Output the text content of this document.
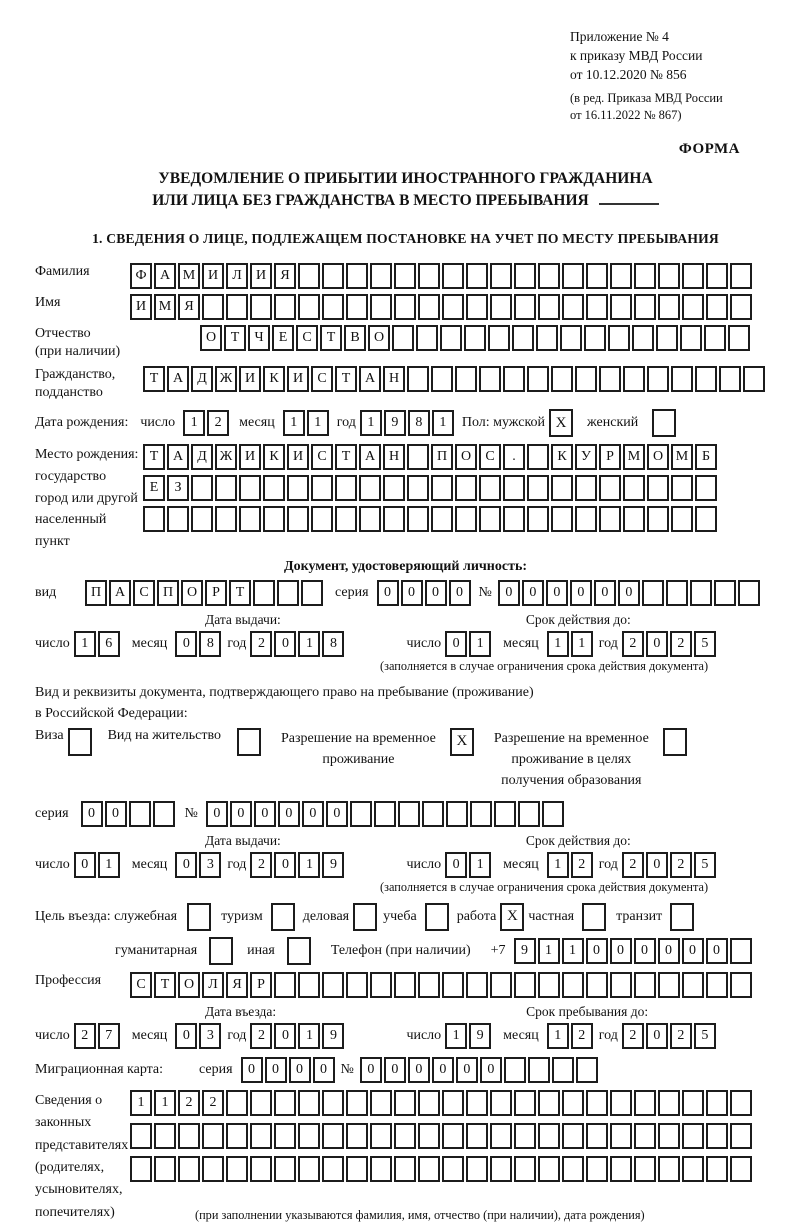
Приложение № 4
к приказу МВД России
от 10.12.2020 № 856
(в ред. Приказа МВД России
от 16.11.2022 № 867)
ФОРМА
УВЕДОМЛЕНИЕ О ПРИБЫТИИ ИНОСТРАННОГО ГРАЖДАНИНА
ИЛИ ЛИЦА БЕЗ ГРАЖДАНСТВА В МЕСТО ПРЕБЫВАНИЯ
1. СВЕДЕНИЯ О ЛИЦЕ, ПОДЛЕЖАЩЕМ ПОСТАНОВКЕ НА УЧЕТ ПО МЕСТУ ПРЕБЫВАНИЯ
Фамилия	Ф А М И	Л	И	Я
Имя	И М Я
Отчество
(при наличии)
О	Т	Ч	Е	С	Т	В	О
Гражданство,
подданство
Т	А	Д Ж И	К	И	С	Т	А Н
Дата рождения: число	1	2	месяц	1	1	год 1	9	8	1	Пол: мужской X	женский
Место рождения:
государство
город или другой
населенный пункт
Т	А	Д Ж И	К	И	С	Т	А Н	П О	С	.	К	У	Р М О М Б
Е	З
Документ, удостоверяющий личность:
вид	П А	С	П О	Р	Т	серия	0	0	0	0	№ 0	0	0	0	0	0
Дата выдачи:	Срок действия до:
число 1	6	месяц	0	8 год 2	0	1	8	число 0	1	месяц	1	1 год 2	0	2	5
(заполняется в случае ограничения срока действия документа)
Вид и реквизиты документа, подтверждающего право на пребывание (проживание)
в Российской Федерации:
Виза	Вид на жительство	Разрешение на временное
проживание
X	Разрешение на временное
проживание в целях
получения образования
серия	0	0	№	0	0	0	0	0	0
Дата выдачи:	Срок действия до:
число 0	1	месяц	0	3 год 2	0	1	9	число 0	1	месяц	1	2 год 2	0	2	5
(заполняется в случае ограничения срока действия документа)
Цель въезда: служебная	туризм	деловая учеба	работа X частная	транзит
гуманитарная	иная	Телефон (при наличии) +7	9	1	1	0	0	0	0	0	0
Профессия	С	Т	О	Л	Я	Р
Дата въезда:	Срок пребывания до:
число 2	7	месяц	0	3 год 2	0	1	9	число 1	9	месяц	1	2 год 2	0	2	5
Миграционная карта:	серия	0	0	0	0 № 0	0	0	0	0	0
Сведения о
законных
представителях
(родителях,
усыновителях,
попечителях)
1	1	2	2
(при заполнении указываются фамилия, имя, отчество (при наличии), дата рождения)
